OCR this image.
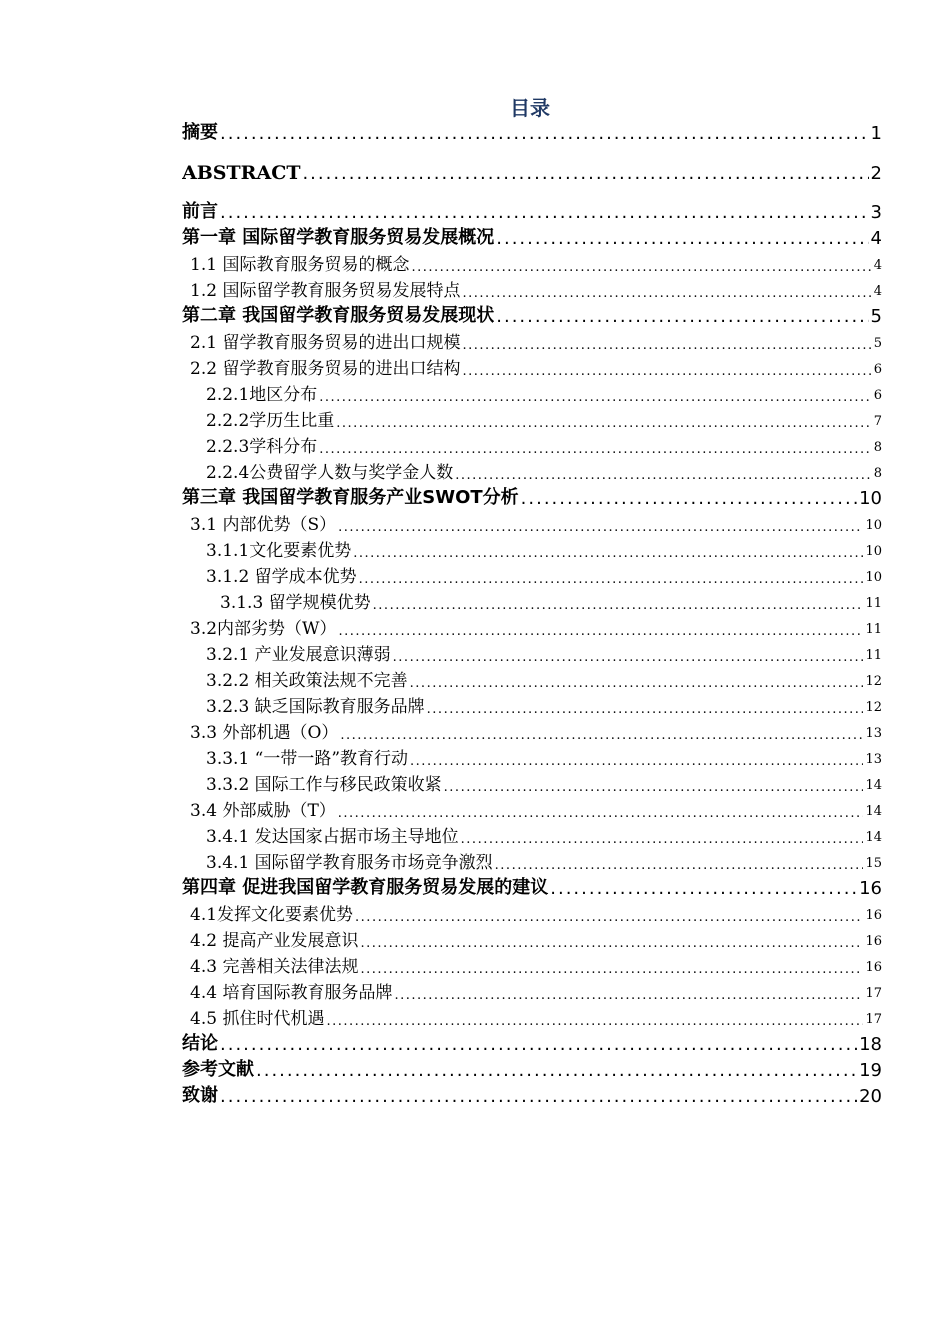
目录
摘要 .....	1
ABSTRACT .....	2
前言 .....	3
第一章 国际留学教育服务贸易发展概况 .....	4
1.1 国际教育服务贸易的概念 .....	4
1.2 国际留学教育服务贸易发展特点 .....	4
第二章 我国留学教育服务贸易发展现状 .....	5
2.1 留学教育服务贸易的进出口规模 .....	5
2.2 留学教育服务贸易的进出口结构 .....	6
2.2.1地区分布 .....	6
2.2.2学历生比重 .....	7
2.2.3学科分布 .....	8
2.2.4公费留学人数与奖学金人数 .....	8
第三章 我国留学教育服务产业SWOT分析 .....	10
3.1 内部优势（S） .....	10
3.1.1文化要素优势 .....	10
3.1.2 留学成本优势 .....	10
3.1.3 留学规模优势 .....	11
3.2内部劣势（W） .....	11
3.2.1 产业发展意识薄弱 .....	11
3.2.2 相关政策法规不完善 .....	12
3.2.3 缺乏国际教育服务品牌 .....	12
3.3 外部机遇（O） .....	13
3.3.1 “一带一路”教育行动 .....	13
3.3.2 国际工作与移民政策收紧 .....	14
3.4 外部威胁（T） .....	14
3.4.1 发达国家占据市场主导地位 .....	14
3.4.1 国际留学教育服务市场竞争激烈 .....	15
第四章 促进我国留学教育服务贸易发展的建议 .....	16
4.1发挥文化要素优势 .....	16
4.2 提高产业发展意识 .....	16
4.3 完善相关法律法规 .....	16
4.4 培育国际教育服务品牌 .....	17
4.5 抓住时代机遇 .....	17
结论 .....	18
参考文献 .....	19
致谢 .....	20
